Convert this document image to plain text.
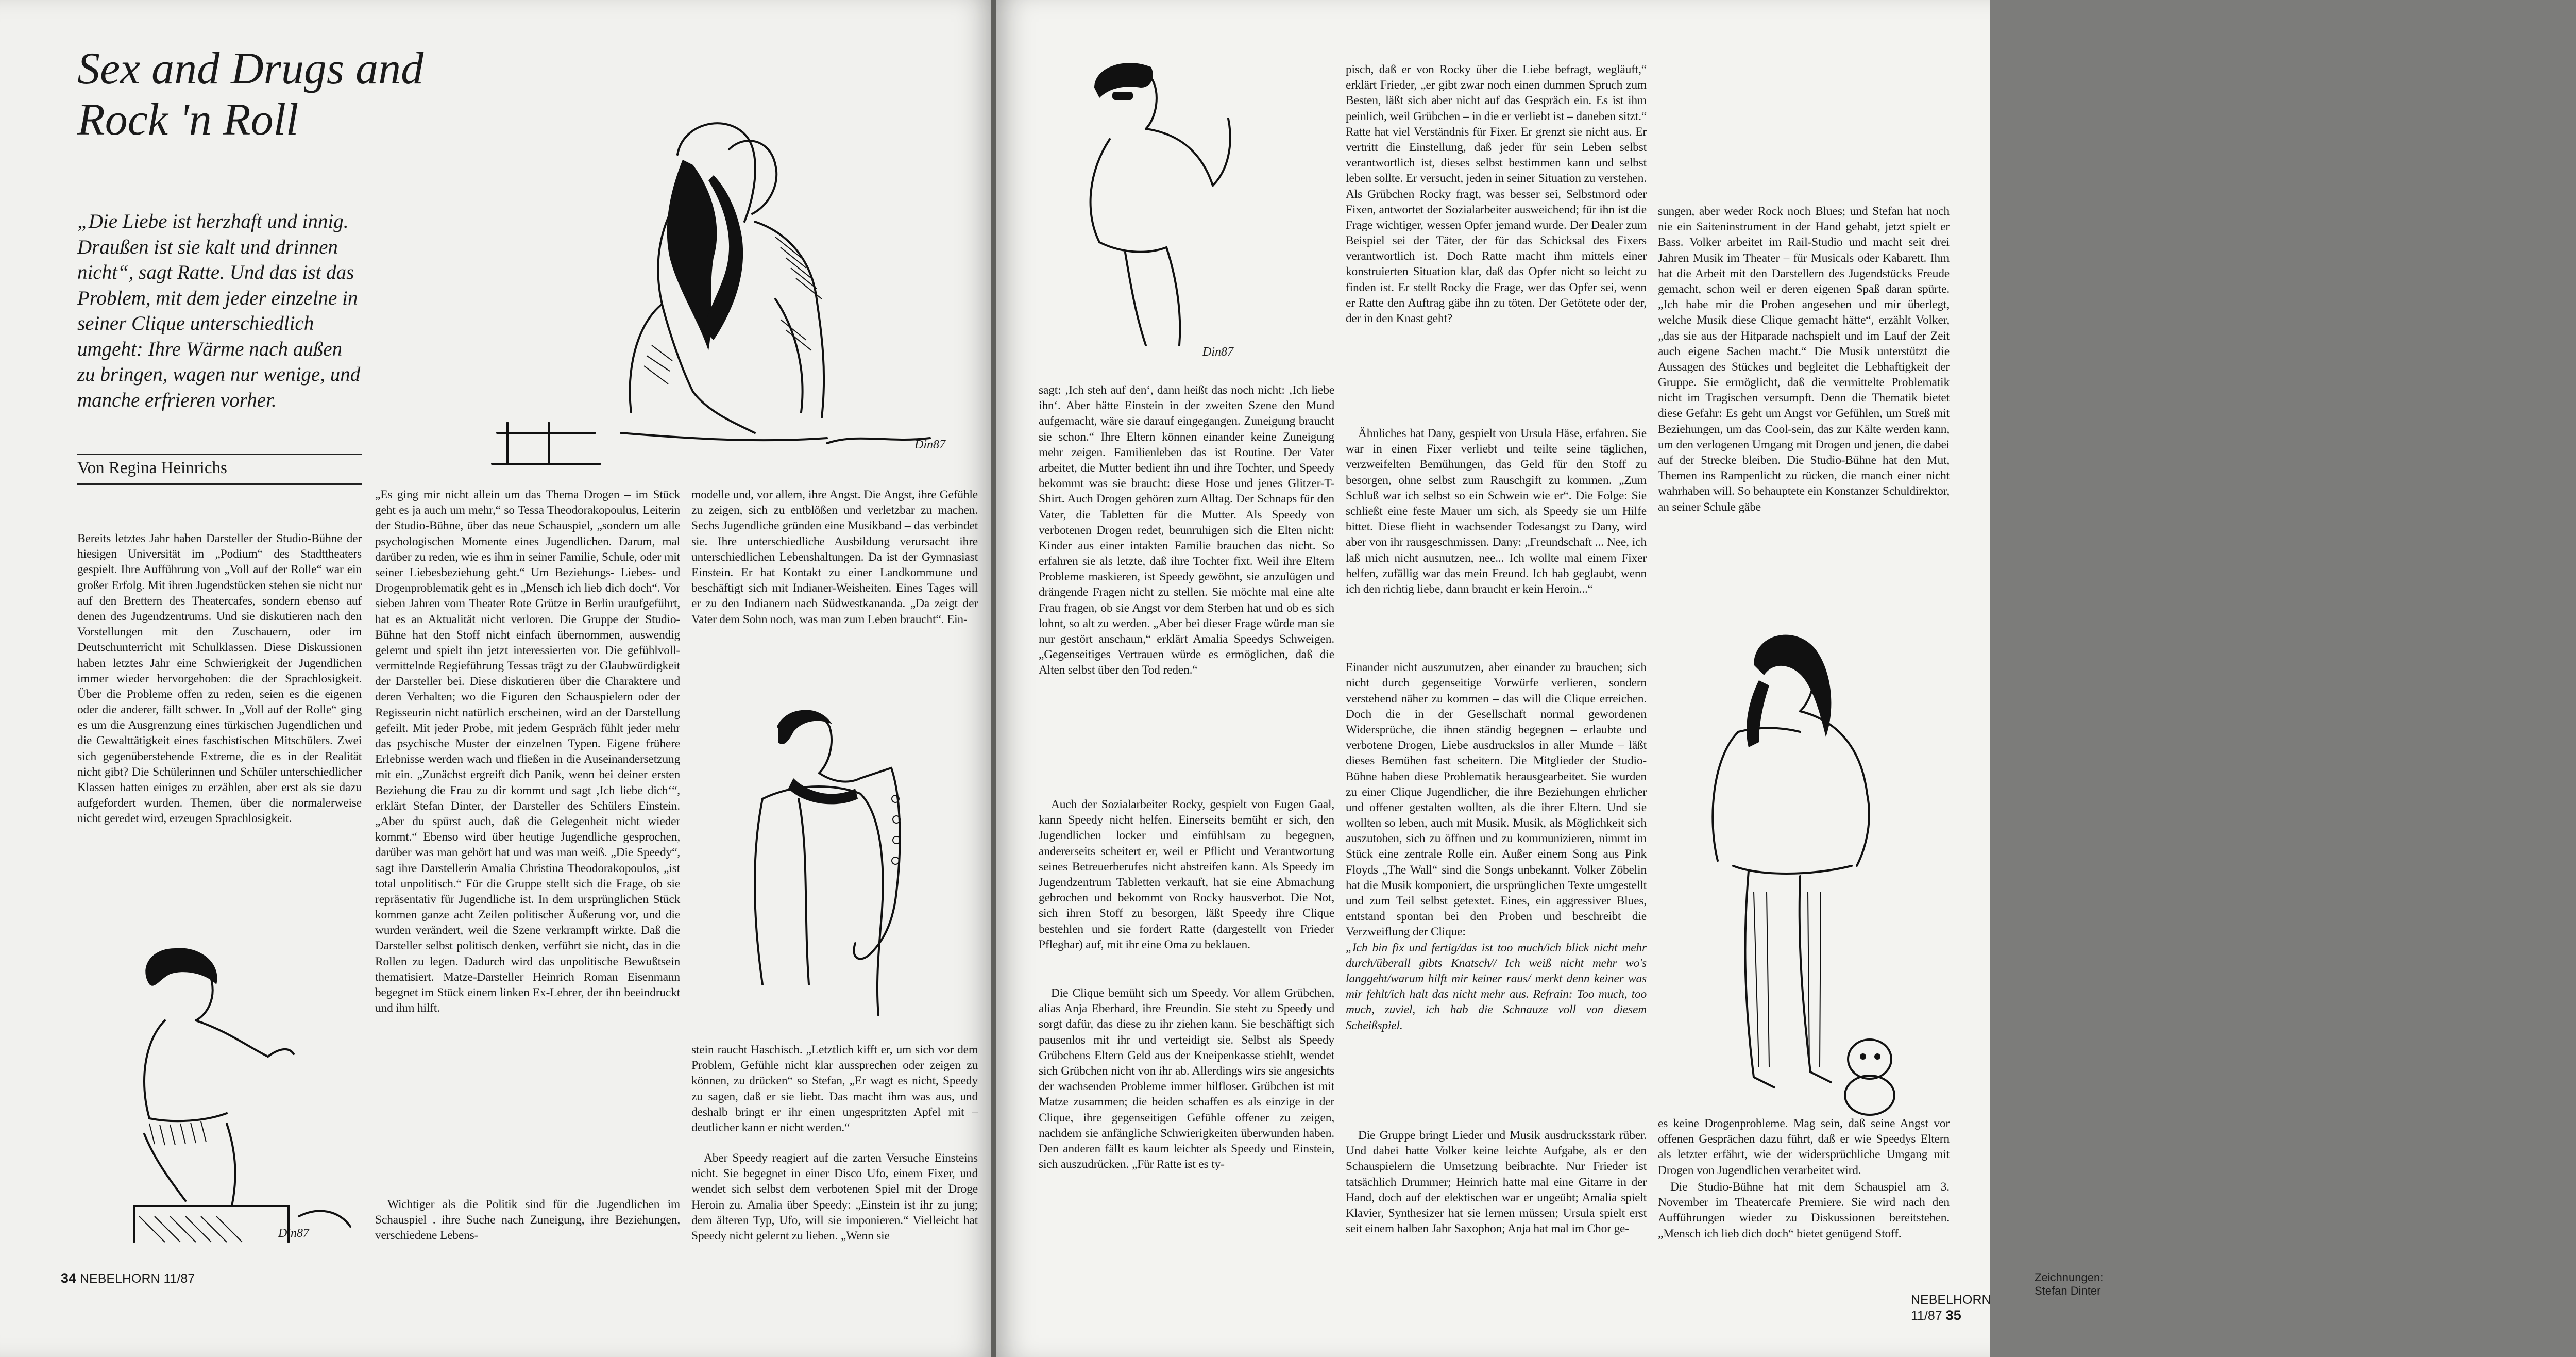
Sex and Drugs and Rock 'n Roll
„Die Liebe ist herzhaft und innig. Draußen ist sie kalt und drinnen nicht“, sagt Ratte. Und das ist das Problem, mit dem jeder einzelne in seiner Clique unterschiedlich umgeht: Ihre Wärme nach außen zu bringen, wagen nur wenige, und manche erfrieren vorher.
Von Regina Heinrichs
Bereits letztes Jahr haben Darsteller der Studio-Bühne der hiesigen Universität im „Podium“ des Stadttheaters gespielt. Ihre Aufführung von „Voll auf der Rolle“ war ein großer Erfolg. Mit ihren Jugendstücken stehen sie nicht nur auf den Brettern des Theatercafes, sondern ebenso auf denen des Jugendzentrums. Und sie diskutieren nach den Vorstellungen mit den Zuschauern, oder im Deutschunterricht mit Schulklassen. Diese Diskussionen haben letztes Jahr eine Schwierigkeit der Jugendlichen immer wieder hervorgehoben: die der Sprachlosigkeit. Über die Probleme offen zu reden, seien es die eigenen oder die anderer, fällt schwer. In „Voll auf der Rolle“ ging es um die Ausgrenzung eines türkischen Jugendlichen und die Gewalttätigkeit eines faschistischen Mitschülers. Zwei sich gegenüberstehende Extreme, die es in der Realität nicht gibt? Die Schülerinnen und Schüler unterschiedlicher Klassen hatten einiges zu erzählen, aber erst als sie dazu aufgefordert wurden. Themen, über die normalerweise nicht geredet wird, erzeugen Sprachlosigkeit.
„Es ging mir nicht allein um das Thema Drogen – im Stück geht es ja auch um mehr,“ so Tessa Theodorakopoulus, Leiterin der Studio-Bühne, über das neue Schauspiel, „sondern um alle psychologischen Momente eines Jugendlichen. Darum, mal darüber zu reden, wie es ihm in seiner Familie, Schule, oder mit seiner Liebesbeziehung geht.“ Um Beziehungs- Liebes- und Drogenproblematik geht es in „Mensch ich lieb dich doch“. Vor sieben Jahren vom Theater Rote Grütze in Berlin uraufgeführt, hat es an Aktualität nicht verloren. Die Gruppe der Studio-Bühne hat den Stoff nicht einfach übernommen, auswendig gelernt und spielt ihn jetzt interessierten vor. Die gefühlvoll-vermittelnde Regieführung Tessas trägt zu der Glaubwürdigkeit der Darsteller bei. Diese diskutieren über die Charaktere und deren Verhalten; wo die Figuren den Schauspielern oder der Regisseurin nicht natürlich erscheinen, wird an der Darstellung gefeilt. Mit jeder Probe, mit jedem Gespräch fühlt jeder mehr das psychische Muster der einzelnen Typen. Eigene frühere Erlebnisse werden wach und fließen in die Auseinandersetzung mit ein. „Zunächst ergreift dich Panik, wenn bei deiner ersten Beziehung die Frau zu dir kommt und sagt ‚Ich liebe dich‘“, erklärt Stefan Dinter, der Darsteller des Schülers Einstein. „Aber du spürst auch, daß die Gelegenheit nicht wieder kommt.“ Ebenso wird über heutige Jugendliche gesprochen, darüber was man gehört hat und was man weiß. „Die Speedy“, sagt ihre Darstellerin Amalia Christina Theodorakopoulos, „ist total unpolitisch.“ Für die Gruppe stellt sich die Frage, ob sie repräsentativ für Jugendliche ist. In dem ursprünglichen Stück kommen ganze acht Zeilen politischer Äußerung vor, und die wurden verändert, weil die Szene verkrampft wirkte. Daß die Darsteller selbst politisch denken, verführt sie nicht, das in die Rollen zu legen. Dadurch wird das unpolitische Bewußtsein thematisiert. Matze-Darsteller Heinrich Roman Eisenmann begegnet im Stück einem linken Ex-Lehrer, der ihn beeindruckt und ihm hilft.
Wichtiger als die Politik sind für die Jugendlichen im Schauspiel . ihre Suche nach Zuneigung, ihre Beziehungen, verschiedene Lebens-
modelle und, vor allem, ihre Angst. Die Angst, ihre Gefühle zu zeigen, sich zu entblößen und verletzbar zu machen. Sechs Jugendliche gründen eine Musikband – das verbindet sie. Ihre unterschiedliche Ausbildung verursacht ihre unterschiedlichen Lebenshaltungen. Da ist der Gymnasiast Einstein. Er hat Kontakt zu einer Landkommune und beschäftigt sich mit Indianer-Weisheiten. Eines Tages will er zu den Indianern nach Südwestkananda. „Da zeigt der Vater dem Sohn noch, was man zum Leben braucht“. Ein-
stein raucht Haschisch. „Letztlich kifft er, um sich vor dem Problem, Gefühle nicht klar aussprechen oder zeigen zu können, zu drücken“ so Stefan, „Er wagt es nicht, Speedy zu sagen, daß er sie liebt. Das macht ihm was aus, und deshalb bringt er ihr einen ungespritzten Apfel mit – deutlicher kann er nicht werden.“
Aber Speedy reagiert auf die zarten Versuche Einsteins nicht. Sie begegnet in einer Disco Ufo, einem Fixer, und wendet sich selbst dem verbotenen Spiel mit der Droge Heroin zu. Amalia über Speedy: „Einstein ist ihr zu jung; dem älteren Typ, Ufo, will sie imponieren.“ Vielleicht hat Speedy nicht gelernt zu lieben. „Wenn sie
Din87
Din87
34 NEBELHORN 11/87
Din87
sagt: ‚Ich steh auf den‘, dann heißt das noch nicht: ‚Ich liebe ihn‘. Aber hätte Einstein in der zweiten Szene den Mund aufgemacht, wäre sie darauf eingegangen. Zuneigung braucht sie schon.“ Ihre Eltern können einander keine Zuneigung mehr zeigen. Familienleben das ist Routine. Der Vater arbeitet, die Mutter bedient ihn und ihre Tochter, und Speedy bekommt was sie braucht: diese Hose und jenes Glitzer-T-Shirt. Auch Drogen gehören zum Alltag. Der Schnaps für den Vater, die Tabletten für die Mutter. Als Speedy von verbotenen Drogen redet, beunruhigen sich die Elten nicht: Kinder aus einer intakten Familie brauchen das nicht. So erfahren sie als letzte, daß ihre Tochter fixt. Weil ihre Eltern Probleme maskieren, ist Speedy gewöhnt, sie anzulügen und drängende Fragen nicht zu stellen. Sie möchte mal eine alte Frau fragen, ob sie Angst vor dem Sterben hat und ob es sich lohnt, so alt zu werden. „Aber bei dieser Frage würde man sie nur gestört anschaun,“ erklärt Amalia Speedys Schweigen. „Gegenseitiges Vertrauen würde es ermöglichen, daß die Alten selbst über den Tod reden.“
Auch der Sozialarbeiter Rocky, gespielt von Eugen Gaal, kann Speedy nicht helfen. Einerseits bemüht er sich, den Jugendlichen locker und einfühlsam zu begegnen, andererseits scheitert er, weil er Pflicht und Verantwortung seines Betreuerberufes nicht abstreifen kann. Als Speedy im Jugendzentrum Tabletten verkauft, hat sie eine Abmachung gebrochen und bekommt von Rocky hausverbot. Die Not, sich ihren Stoff zu besorgen, läßt Speedy ihre Clique bestehlen und sie fordert Ratte (dargestellt von Frieder Pfleghar) auf, mit ihr eine Oma zu beklauen.
Die Clique bemüht sich um Speedy. Vor allem Grübchen, alias Anja Eberhard, ihre Freundin. Sie steht zu Speedy und sorgt dafür, das diese zu ihr ziehen kann. Sie beschäftigt sich pausenlos mit ihr und verteidigt sie. Selbst als Speedy Grübchens Eltern Geld aus der Kneipenkasse stiehlt, wendet sich Grübchen nicht von ihr ab. Allerdings wirs sie angesichts der wachsenden Probleme immer hilfloser. Grübchen ist mit Matze zusammen; die beiden schaffen es als einzige in der Clique, ihre gegenseitigen Gefühle offener zu zeigen, nachdem sie anfängliche Schwierigkeiten überwunden haben. Den anderen fällt es kaum leichter als Speedy und Einstein, sich auszudrücken. „Für Ratte ist es ty-
pisch, daß er von Rocky über die Liebe befragt, wegläuft,“ erklärt Frieder, „er gibt zwar noch einen dummen Spruch zum Besten, läßt sich aber nicht auf das Gespräch ein. Es ist ihm peinlich, weil Grübchen – in die er verliebt ist – daneben sitzt.“ Ratte hat viel Verständnis für Fixer. Er grenzt sie nicht aus. Er vertritt die Einstellung, daß jeder für sein Leben selbst verantwortlich ist, dieses selbst bestimmen kann und selbst leben sollte. Er versucht, jeden in seiner Situation zu verstehen. Als Grübchen Rocky fragt, was besser sei, Selbstmord oder Fixen, antwortet der Sozialarbeiter ausweichend; für ihn ist die Frage wichtiger, wessen Opfer jemand wurde. Der Dealer zum Beispiel sei der Täter, der für das Schicksal des Fixers verantwortlich ist. Doch Ratte macht ihm mittels einer konstruierten Situation klar, daß das Opfer nicht so leicht zu finden ist. Er stellt Rocky die Frage, wer das Opfer sei, wenn er Ratte den Auftrag gäbe ihn zu töten. Der Getötete oder der, der in den Knast geht?
Ähnliches hat Dany, gespielt von Ursula Häse, erfahren. Sie war in einen Fixer verliebt und teilte seine täglichen, verzweifelten Bemühungen, das Geld für den Stoff zu besorgen, ohne selbst zum Rauschgift zu kommen. „Zum Schluß war ich selbst so ein Schwein wie er“. Die Folge: Sie schließt eine feste Mauer um sich, als Speedy sie um Hilfe bittet. Diese flieht in wachsender Todesangst zu Dany, wird aber von ihr rausgeschmissen. Dany: „Freundschaft ... Nee, ich laß mich nicht ausnutzen, nee... Ich wollte mal einem Fixer helfen, zufällig war das mein Freund. Ich hab geglaubt, wenn ich den richtig liebe, dann braucht er kein Heroin...“

Einander nicht auszunutzen, aber einander zu brauchen; sich nicht durch gegenseitige Vorwürfe verlieren, sondern verstehend näher zu kommen – das will die Clique erreichen. Doch die in der Gesellschaft normal gewordenen Widersprüche, die ihnen ständig begegnen – erlaubte und verbotene Drogen, Liebe ausdruckslos in aller Munde – läßt dieses Bemühen fast scheitern. Die Mitglieder der Studio-Bühne haben diese Problematik herausgearbeitet. Sie wurden zu einer Clique Jugendlicher, die ihre Beziehungen ehrlicher und offener gestalten wollten, als die ihrer Eltern. Und sie wollten so leben, auch mit Musik. Musik, als Möglichkeit sich auszutoben, sich zu öffnen und zu kommunizieren, nimmt im Stück eine zentrale Rolle ein. Außer einem Song aus Pink Floyds „The Wall“ sind die Songs unbekannt. Volker Zöbelin hat die Musik komponiert, die ursprünglichen Texte umgestellt und zum Teil selbst getextet. Eines, ein aggressiver Blues, entstand spontan bei den Proben und beschreibt die Verzweiflung der Clique:
„Ich bin fix und fertig/das ist too much/ich blick nicht mehr durch/überall gibts Knatsch// Ich weiß nicht mehr wo's langgeht/warum hilft mir keiner raus/ merkt denn keiner was mir fehlt/ich halt das nicht mehr aus. Refrain: Too much, too much, zuviel, ich hab die Schnauze voll von diesem Scheißspiel.

Die Gruppe bringt Lieder und Musik ausdrucksstark rüber. Und dabei hatte Volker keine leichte Aufgabe, als er den Schauspielern die Umsetzung beibrachte. Nur Frieder ist tatsächlich Drummer; Heinrich hatte mal eine Gitarre in der Hand, doch auf der elektischen war er ungeübt; Amalia spielt Klavier, Synthesizer hat sie lernen müssen; Ursula spielt erst seit einem halben Jahr Saxophon; Anja hat mal im Chor ge-
sungen, aber weder Rock noch Blues; und Stefan hat noch nie ein Saiteninstrument in der Hand gehabt, jetzt spielt er Bass. Volker arbeitet im Rail-Studio und macht seit drei Jahren Musik im Theater – für Musicals oder Kabarett. Ihm hat die Arbeit mit den Darstellern des Jugendstücks Freude gemacht, schon weil er deren eigenen Spaß daran spürte. „Ich habe mir die Proben angesehen und mir überlegt, welche Musik diese Clique gemacht hätte“, erzählt Volker, „das sie aus der Hitparade nachspielt und im Lauf der Zeit auch eigene Sachen macht.“ Die Musik unterstützt die Aussagen des Stückes und begleitet die Lebhaftigkeit der Gruppe. Sie ermöglicht, daß die vermittelte Problematik nicht im Tragischen versumpft. Denn die Thematik bietet diese Gefahr: Es geht um Angst vor Gefühlen, um Streß mit Beziehungen, um das Cool-sein, das zur Kälte werden kann, um den verlogenen Umgang mit Drogen und jenen, die dabei auf der Strecke bleiben. Die Studio-Bühne hat den Mut, Themen ins Rampenlicht zu rücken, die manch einer nicht wahrhaben will. So behauptete ein Konstanzer Schuldirektor, an seiner Schule gäbe
es keine Drogenprobleme. Mag sein, daß seine Angst vor offenen Gesprächen dazu führt, daß er wie Speedys Eltern als letzter erfährt, wie der widersprüchliche Umgang mit Drogen von Jugendlichen verarbeitet wird.
Die Studio-Bühne hat mit dem Schauspiel am 3. November im Theatercafe Premiere. Sie wird nach den Aufführungen wieder zu Diskussionen bereitstehen. „Mensch ich lieb dich doch“ bietet genügend Stoff.
Zeichnungen: Stefan Dinter
NEBELHORN 11/87 35
